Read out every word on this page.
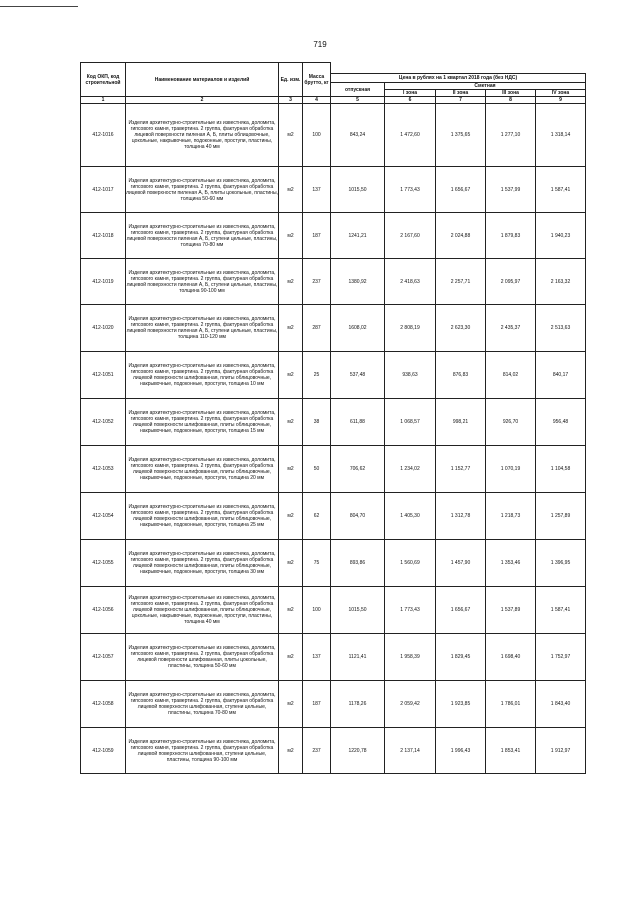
719
Код ОКП, код строительной	Наименование материалов и изделий	Ед. изм.	Масса брутто, кг					
				Цена в рублях на 1 квартал 2018 года (без НДС)				
				отпускная	Сметная			
					I зона	II зона	III зона	IV зона
1	2	3	4	5	6	7	8	9
412-1016	Изделия архитектурно-строительные из известняка, доломита, гипсового камня, травертина. 2 группа, фактурная обработка лицевой поверхности пиленая А, Б, плиты облицовочные, цокольные, накрывочные, подоконные, проступи, пластины, толщина 40 мм	м2	100	843,24	1 472,60	1 375,65	1 277,10	1 318,14
412-1017	Изделия архитектурно-строительные из известняка, доломита, гипсового камня, травертина. 2 группа, фактурная обработка лицевой поверхности пиленая А, Б, плиты цокольные, пластины, толщина 50-60 мм	м2	137	1015,50	1 773,43	1 656,67	1 537,99	1 587,41
412-1018	Изделия архитектурно-строительные из известняка, доломита, гипсового камня, травертина. 2 группа, фактурная обработка лицевой поверхности пиленая А, Б, ступени цельные, пластины, толщина 70-80 мм	м2	187	1241,21	2 167,60	2 024,88	1 879,83	1 940,23
412-1019	Изделия архитектурно-строительные из известняка, доломита, гипсового камня, травертина. 2 группа, фактурная обработка лицевой поверхности пиленая А, Б, ступени цельные, пластины, толщина 90-100 мм	м2	237	1380,92	2 418,63	2 257,71	2 095,97	2 163,32
412-1020	Изделия архитектурно-строительные из известняка, доломита, гипсового камня, травертина. 2 группа, фактурная обработка лицевой поверхности пиленая А, Б, ступени цельные, пластины, толщина 110-120 мм	м2	287	1608,02	2 808,19	2 623,30	2 435,37	2 513,63
412-1051	Изделия архитектурно-строительные из известняка, доломита, гипсового камня, травертина. 2 группа, фактурная обработка лицевой поверхности шлифованная, плиты облицовочные, накрывочные, подоконные, проступи, толщина 10 мм	м2	25	537,48	938,63	876,83	814,02	840,17
412-1052	Изделия архитектурно-строительные из известняка, доломита, гипсового камня, травертина. 2 группа, фактурная обработка лицевой поверхности шлифованная, плиты облицовочные, накрывочные, подоконные, проступи, толщина 15 мм	м2	38	611,88	1 068,57	998,21	926,70	956,48
412-1053	Изделия архитектурно-строительные из известняка, доломита, гипсового камня, травертина. 2 группа, фактурная обработка лицевой поверхности шлифованная, плиты облицовочные, накрывочные, подоконные, проступи, толщина 20 мм	м2	50	706,62	1 234,02	1 152,77	1 070,19	1 104,58
412-1054	Изделия архитектурно-строительные из известняка, доломита, гипсового камня, травертина. 2 группа, фактурная обработка лицевой поверхности шлифованная, плиты облицовочные, накрывочные, подоконные, проступи, толщина 25 мм	м2	62	804,70	1 405,30	1 312,78	1 218,73	1 257,89
412-1055	Изделия архитектурно-строительные из известняка, доломита, гипсового камня, травертина. 2 группа, фактурная обработка лицевой поверхности шлифованная, плиты облицовочные, накрывочные, подоконные, проступи, толщина 30 мм	м2	75	893,86	1 560,69	1 457,90	1 353,46	1 396,95
412-1056	Изделия архитектурно-строительные из известняка, доломита, гипсового камня, травертина. 2 группа, фактурная обработка лицевой поверхности шлифованная, плиты облицовочные, цокольные, накрывочные, подоконные, проступи, пластины, толщина 40 мм	м2	100	1015,50	1 773,43	1 656,67	1 537,89	1 587,41
412-1057	Изделия архитектурно-строительные из известняка, доломита, гипсового камня, травертина. 2 группа, фактурная обработка лицевой поверхности шлифованная, плиты цокольные, пластины, толщина 50-60 мм	м2	137	1121,41	1 958,39	1 829,45	1 698,40	1 752,97
412-1058	Изделия архитектурно-строительные из известняка, доломита, гипсового камня, травертина. 2 группа, фактурная обработка лицевой поверхности шлифованная, ступени цельные, пластины, толщина 70-80 мм	м2	187	1178,26	2 059,42	1 923,85	1 786,01	1 843,40
412-1059	Изделия архитектурно-строительные из известняка, доломита, гипсового камня, травертина. 2 группа, фактурная обработка лицевой поверхности шлифованная, ступени цельные, пластины, толщина 90-100 мм	м2	237	1220,78	2 137,14	1 996,43	1 853,41	1 912,97
